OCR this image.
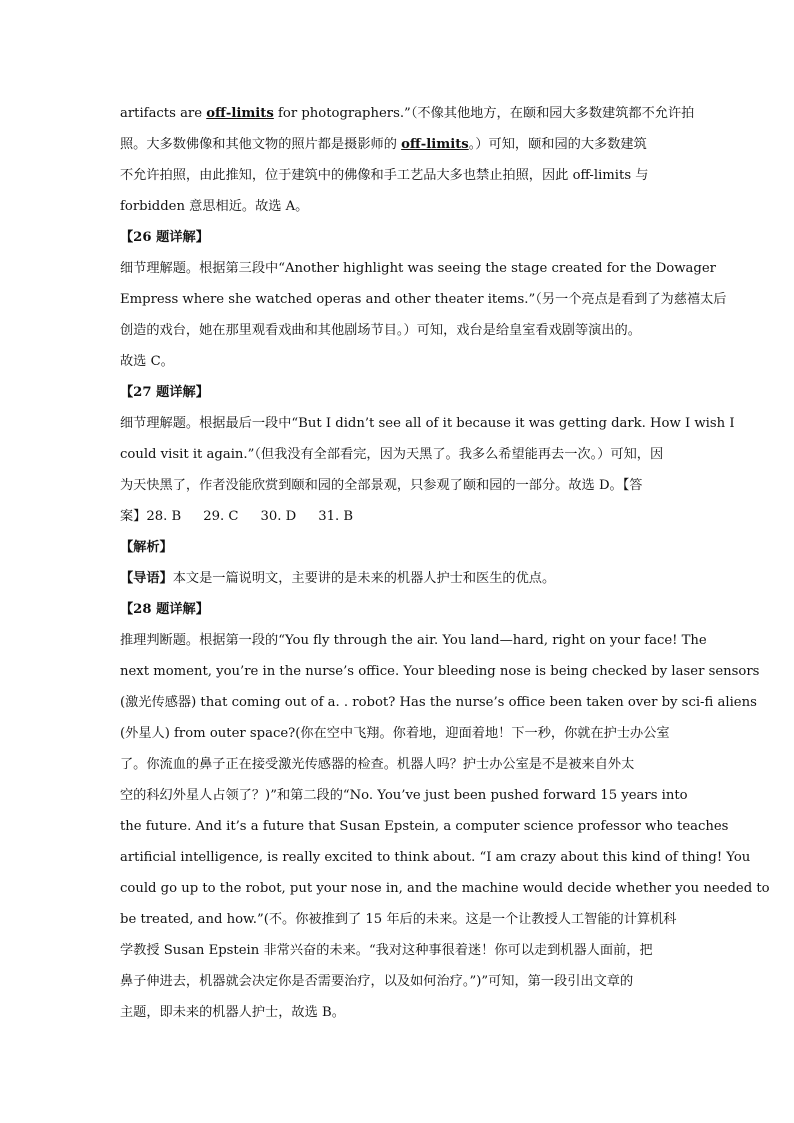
artifacts are off-limits for photographers.”（不像其他地方，在颐和园大多数建筑都不允许拍
照。大多数佛像和其他文物的照片都是摄影师的 off-limits。）可知，颐和园的大多数建筑
不允许拍照，由此推知，位于建筑中的佛像和手工艺品大多也禁止拍照，因此 off-limits 与
forbidden 意思相近。故选 A。
【26 题详解】
细节理解题。根据第三段中“Another highlight was seeing the stage created for the Dowager
Empress where she watched operas and other theater items.”（另一个亮点是看到了为慈禧太后
创造的戏台，她在那里观看戏曲和其他剧场节目。）可知，戏台是给皇室看戏剧等演出的。
故选 C。
【27 题详解】
细节理解题。根据最后一段中“But I didn’t see all of it because it was getting dark. How I wish I
could visit it again.”（但我没有全部看完，因为天黑了。我多么希望能再去一次。）可知，因
为天快黑了，作者没能欣赏到颐和园的全部景观，只参观了颐和园的一部分。故选 D。【答
案】28. B 29. C 30. D 31. B
【解析】
【导语】本文是一篇说明文，主要讲的是未来的机器人护士和医生的优点。
【28 题详解】
推理判断题。根据第一段的“You fly through the air. You land—hard, right on your face! The
next moment, you’re in the nurse’s office. Your bleeding nose is being checked by laser sensors
(激光传感器) that coming out of a. . robot? Has the nurse’s office been taken over by sci-fi aliens
(外星人) from outer space?(你在空中飞翔。你着地，迎面着地！下一秒，你就在护士办公室
了。你流血的鼻子正在接受激光传感器的检查。机器人吗？护士办公室是不是被来自外太
空的科幻外星人占领了？)”和第二段的“No. You’ve just been pushed forward 15 years into
the future. And it’s a future that Susan Epstein, a computer science professor who teaches
artificial intelligence, is really excited to think about. “I am crazy about this kind of thing! You
could go up to the robot, put your nose in, and the machine would decide whether you needed to
be treated, and how.”(不。你被推到了 15 年后的未来。这是一个让教授人工智能的计算机科
学教授 Susan Epstein 非常兴奋的未来。“我对这种事很着迷！你可以走到机器人面前，把
鼻子伸进去，机器就会决定你是否需要治疗，以及如何治疗。”)”可知，第一段引出文章的
主题，即未来的机器人护士，故选 B。
